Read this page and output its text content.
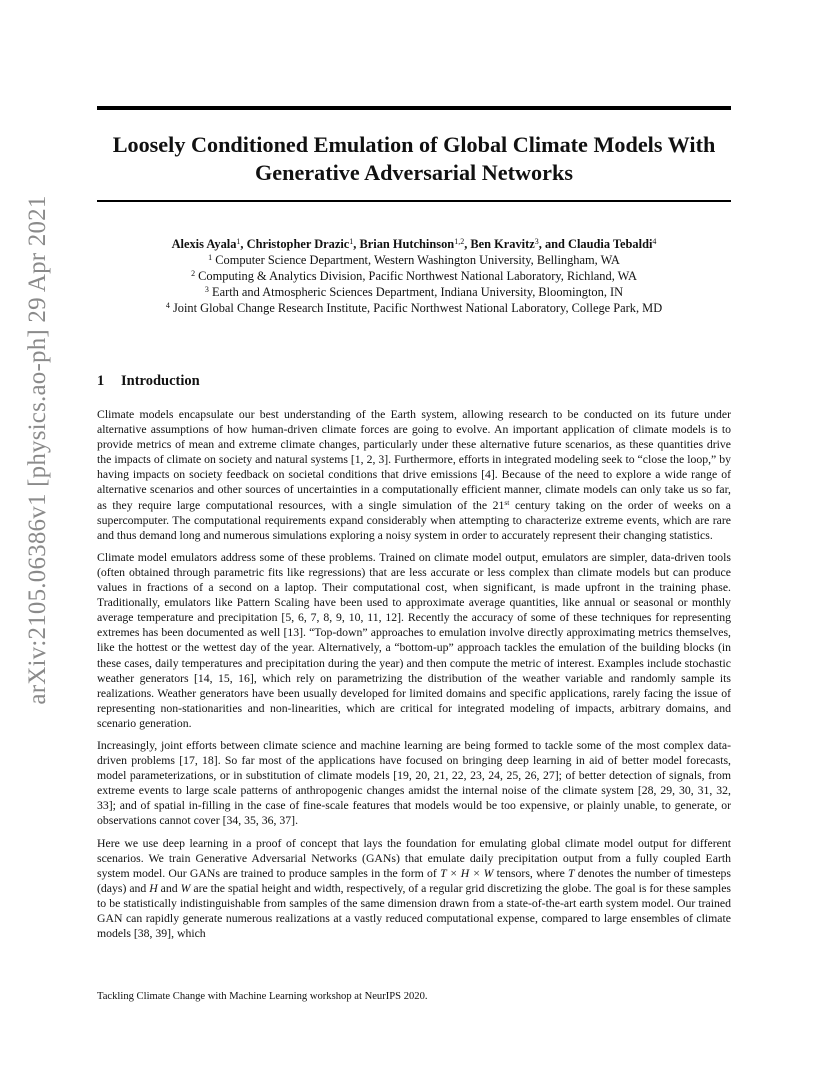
arXiv:2105.06386v1 [physics.ao-ph] 29 Apr 2021
Loosely Conditioned Emulation of Global Climate Models With
Generative Adversarial Networks
Alexis Ayala$^1$, Christopher Drazic$^1$, Brian Hutchinson$^{1,2}$, Ben Kravitz$^3$, and Claudia Tebaldi$^4$
$^1$ Computer Science Department, Western Washington University, Bellingham, WA
$^2$ Computing & Analytics Division, Pacific Northwest National Laboratory, Richland, WA
$^3$ Earth and Atmospheric Sciences Department, Indiana University, Bloomington, IN
$^4$ Joint Global Change Research Institute, Pacific Northwest National Laboratory, College Park, MD
1 Introduction

Climate models encapsulate our best understanding of the Earth system, allowing research to be conducted on its future under alternative assumptions of how human-driven climate forces are going to evolve. An important application of climate models is to provide metrics of mean and extreme climate changes, particularly under these alternative future scenarios, as these quantities drive the impacts of climate on society and natural systems [1, 2, 3]. Furthermore, efforts in integrated modeling seek to “close the loop,” by having impacts on society feedback on societal conditions that drive emissions [4]. Because of the need to explore a wide range of alternative scenarios and other sources of uncertainties in a computationally efficient manner, climate models can only take us so far, as they require large computational resources, with a single simulation of the 21st century taking on the order of weeks on a supercomputer. The computational requirements expand considerably when attempting to characterize extreme events, which are rare and thus demand long and numerous simulations exploring a noisy system in order to accurately represent their changing statistics.

Climate model emulators address some of these problems. Trained on climate model output, emulators are simpler, data-driven tools (often obtained through parametric fits like regressions) that are less accurate or less complex than climate models but can produce values in fractions of a second on a laptop. Their computational cost, when significant, is made upfront in the training phase. Traditionally, emulators like Pattern Scaling have been used to approximate average quantities, like annual or seasonal or monthly average temperature and precipitation [5, 6, 7, 8, 9, 10, 11, 12]. Recently the accuracy of some of these techniques for representing extremes has been documented as well [13]. “Top-down” approaches to emulation involve directly approximating metrics themselves, like the hottest or the wettest day of the year. Alternatively, a “bottom-up” approach tackles the emulation of the building blocks (in these cases, daily temperatures and precipitation during the year) and then compute the metric of interest. Examples include stochastic weather generators [14, 15, 16], which rely on parametrizing the distribution of the weather variable and randomly sample its realizations. Weather generators have been usually developed for limited domains and specific applications, rarely facing the issue of representing non-stationarities and non-linearities, which are critical for integrated modeling of impacts, arbitrary domains, and scenario generation.

Increasingly, joint efforts between climate science and machine learning are being formed to tackle some of the most complex data-driven problems [17, 18]. So far most of the applications have focused on bringing deep learning in aid of better model forecasts, model parameterizations, or in substitution of climate models [19, 20, 21, 22, 23, 24, 25, 26, 27]; of better detection of signals, from extreme events to large scale patterns of anthropogenic changes amidst the internal noise of the climate system [28, 29, 30, 31, 32, 33]; and of spatial in-filling in the case of fine-scale features that models would be too expensive, or plainly unable, to generate, or observations cannot cover [34, 35, 36, 37].

Here we use deep learning in a proof of concept that lays the foundation for emulating global climate model output for different scenarios. We train Generative Adversarial Networks (GANs) that emulate daily precipitation output from a fully coupled Earth system model. Our GANs are trained to produce samples in the form of T × H × W tensors, where T denotes the number of timesteps (days) and H and W are the spatial height and width, respectively, of a regular grid discretizing the globe. The goal is for these samples to be statistically indistinguishable from samples of the same dimension drawn from a state-of-the-art earth system model. Our trained GAN can rapidly generate numerous realizations at a vastly reduced computational expense, compared to large ensembles of climate models [38, 39], which

Tackling Climate Change with Machine Learning workshop at NeurIPS 2020.
